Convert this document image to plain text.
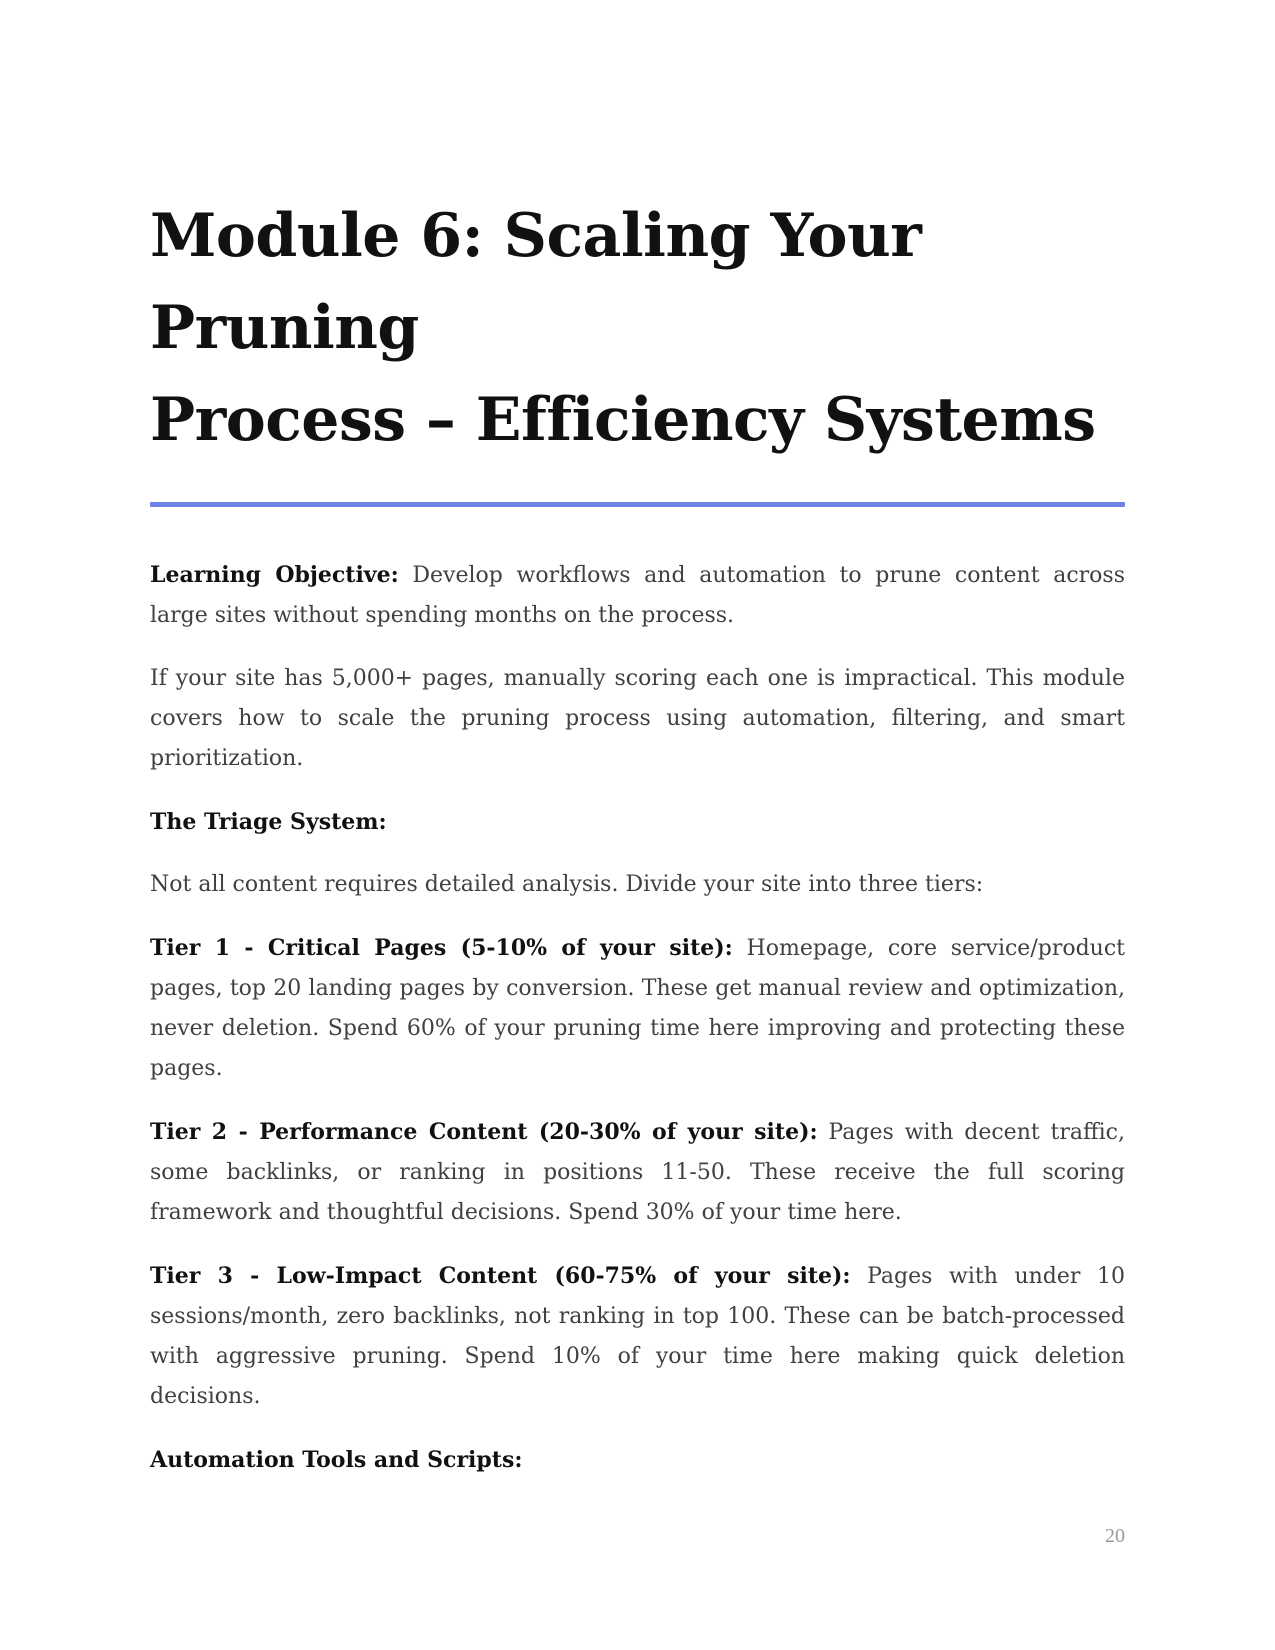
Module 6: Scaling Your Pruning
Process – Efficiency Systems

Learning Objective: Develop workflows and automation to prune content across large sites without spending months on the process.

If your site has 5,000+ pages, manually scoring each one is impractical. This module covers how to scale the pruning process using automation, filtering, and smart prioritization.

The Triage System:

Not all content requires detailed analysis. Divide your site into three tiers:

Tier 1 - Critical Pages (5-10% of your site): Homepage, core service/product pages, top 20 landing pages by conversion. These get manual review and optimization, never deletion. Spend 60% of your pruning time here improving and protecting these pages.

Tier 2 - Performance Content (20-30% of your site): Pages with decent traffic, some backlinks, or ranking in positions 11-50. These receive the full scoring framework and thoughtful decisions. Spend 30% of your time here.

Tier 3 - Low-Impact Content (60-75% of your site): Pages with under 10 sessions/month, zero backlinks, not ranking in top 100. These can be batch-processed with aggressive pruning. Spend 10% of your time here making quick deletion decisions.

Automation Tools and Scripts:

20
